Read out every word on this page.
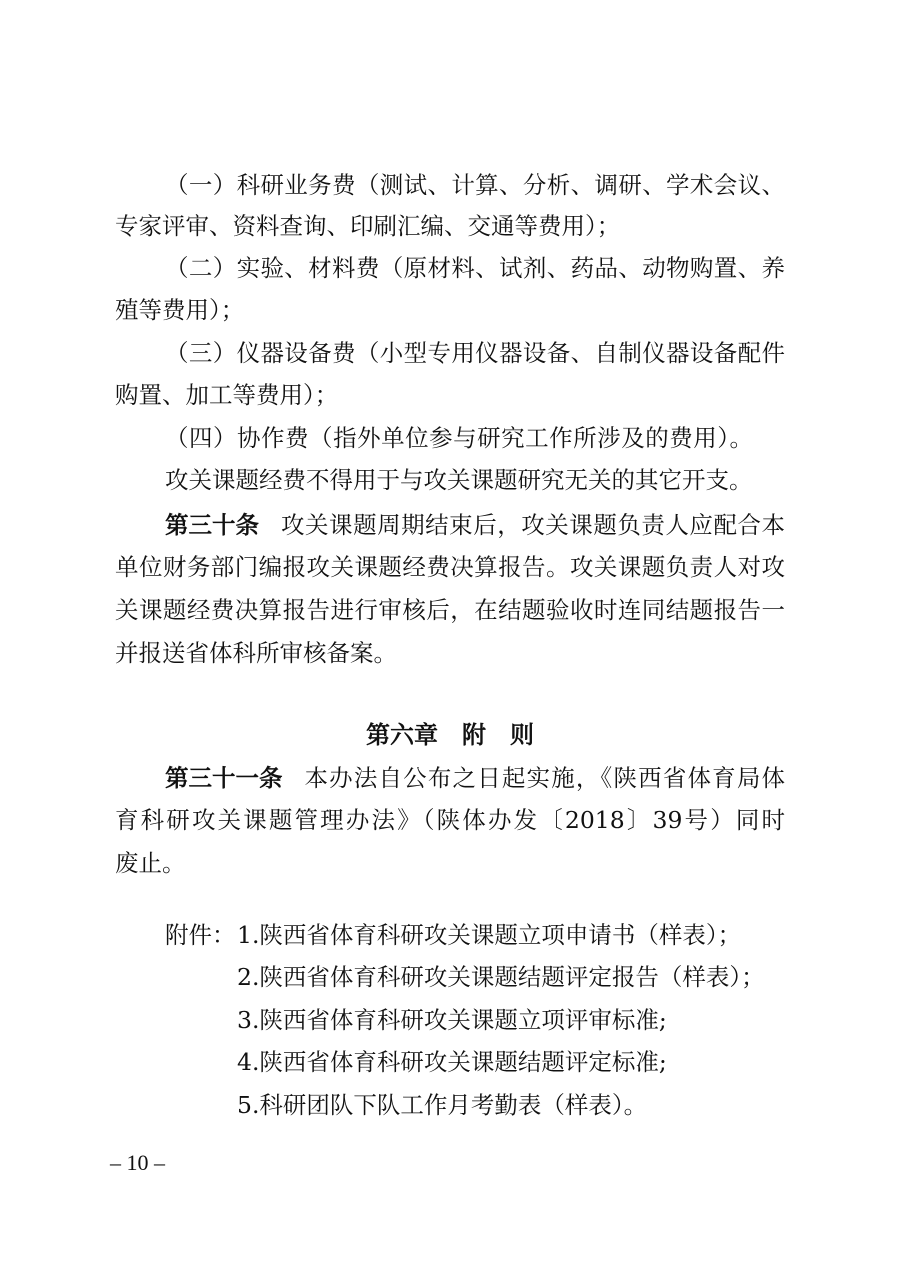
（一）科研业务费（测试、计算、分析、调研、学术会议、
专家评审、资料查询、印刷汇编、交通等费用）；
（二）实验、材料费（原材料、试剂、药品、动物购置、养
殖等费用）；
（三）仪器设备费（小型专用仪器设备、自制仪器设备配件
购置、加工等费用）；
（四）协作费（指外单位参与研究工作所涉及的费用）。
攻关课题经费不得用于与攻关课题研究无关的其它开支。
第三十条 攻关课题周期结束后，攻关课题负责人应配合本
单位财务部门编报攻关课题经费决算报告。攻关课题负责人对攻
关课题经费决算报告进行审核后，在结题验收时连同结题报告一
并报送省体科所审核备案。
第六章　附　则
第三十一条 本办法自公布之日起实施，《陕西省体育局体
育科研攻关课题管理办法》（陕体办发〔2018〕39号）同时
废止。
附件： 1.陕西省体育科研攻关课题立项申请书（样表）；
2.陕西省体育科研攻关课题结题评定报告（样表）；
3.陕西省体育科研攻关课题立项评审标准;
4.陕西省体育科研攻关课题结题评定标准;
5.科研团队下队工作月考勤表（样表）。
– 10 –
